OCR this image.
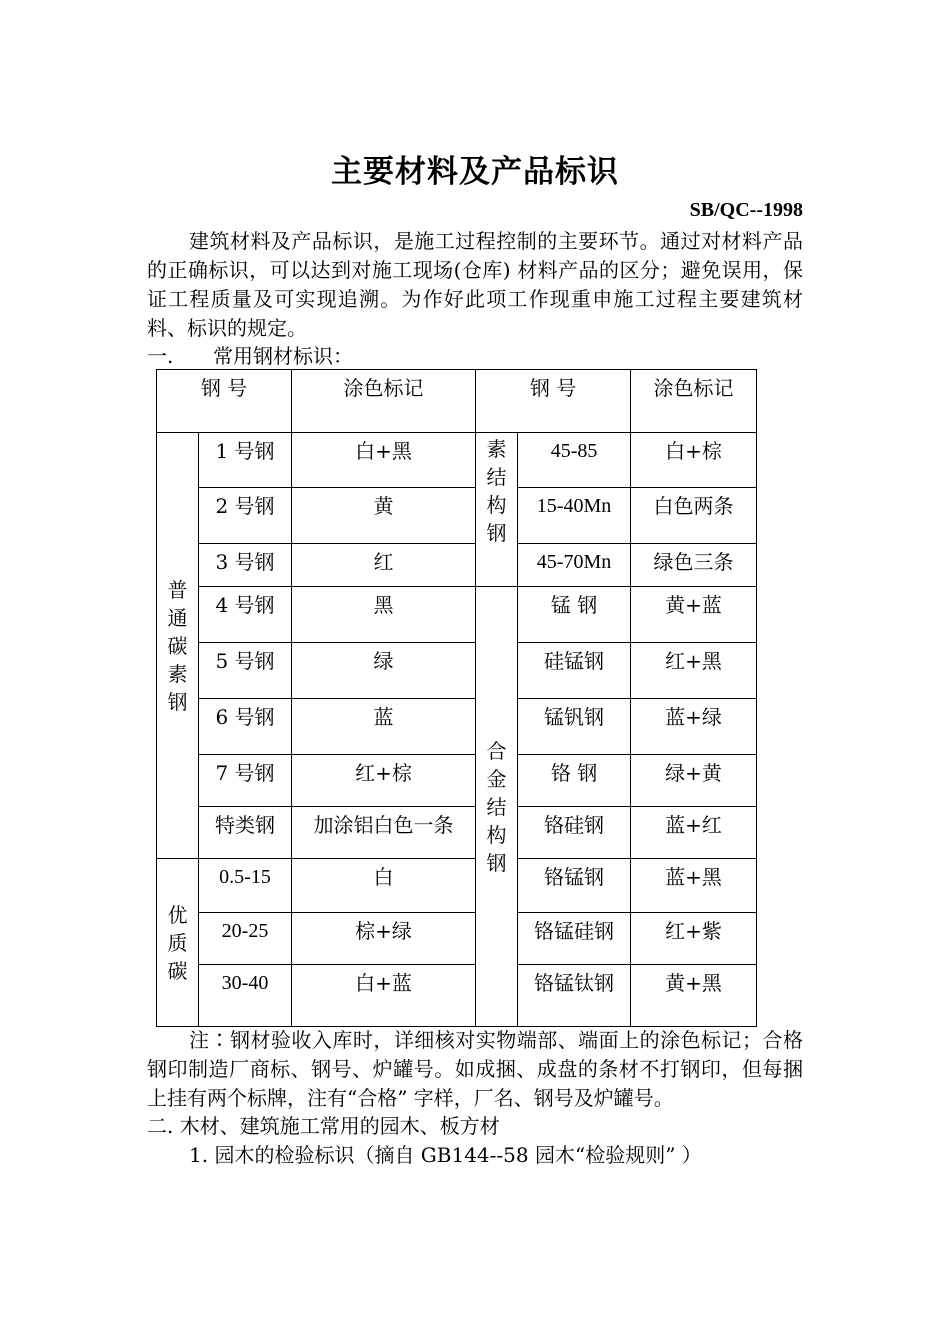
主要材料及产品标识
SB/QC--1998

建筑材料及产品标识，是施工过程控制的主要环节。通过对材料产品的正确标识，可以达到对施工现场(仓库) 材料产品的区分；避免误用，保证工程质量及可实现追溯。为作好此项工作现重申施工过程主要建筑材料、标识的规定。

一. 常用钢材标识：
钢 号		涂色标记	钢 号		涂色标记
普通碳素钢	1 号钢	白+黑	素结构钢	45-85	白+棕
	2 号钢	黄		15-40Mn	白色两条
	3 号钢	红		45-70Mn	绿色三条
	4 号钢	黑	合金结构钢	锰 钢	黄+蓝
	5 号钢	绿		硅锰钢	红+黑
	6 号钢	蓝		锰钒钢	蓝+绿
	7 号钢	红+棕		铬 钢	绿+黄
	特类钢	加涂铝白色一条		铬硅钢	蓝+红
优质碳	0.5-15	白		铬锰钢	蓝+黑
	20-25	棕+绿		铬锰硅钢	红+紫
	30-40	白+蓝		铬锰钛钢	黄+黑

注∶钢材验收入库时，详细核对实物端部、端面上的涂色标记；合格钢印制造厂商标、钢号、炉罐号。如成捆、成盘的条材不打钢印，但每捆上挂有两个标牌，注有“合格” 字样，厂名、钢号及炉罐号。

二. 木材、建筑施工常用的园木、板方材
1. 园木的检验标识（摘自 GB144--58 园木“检验规则” ）
